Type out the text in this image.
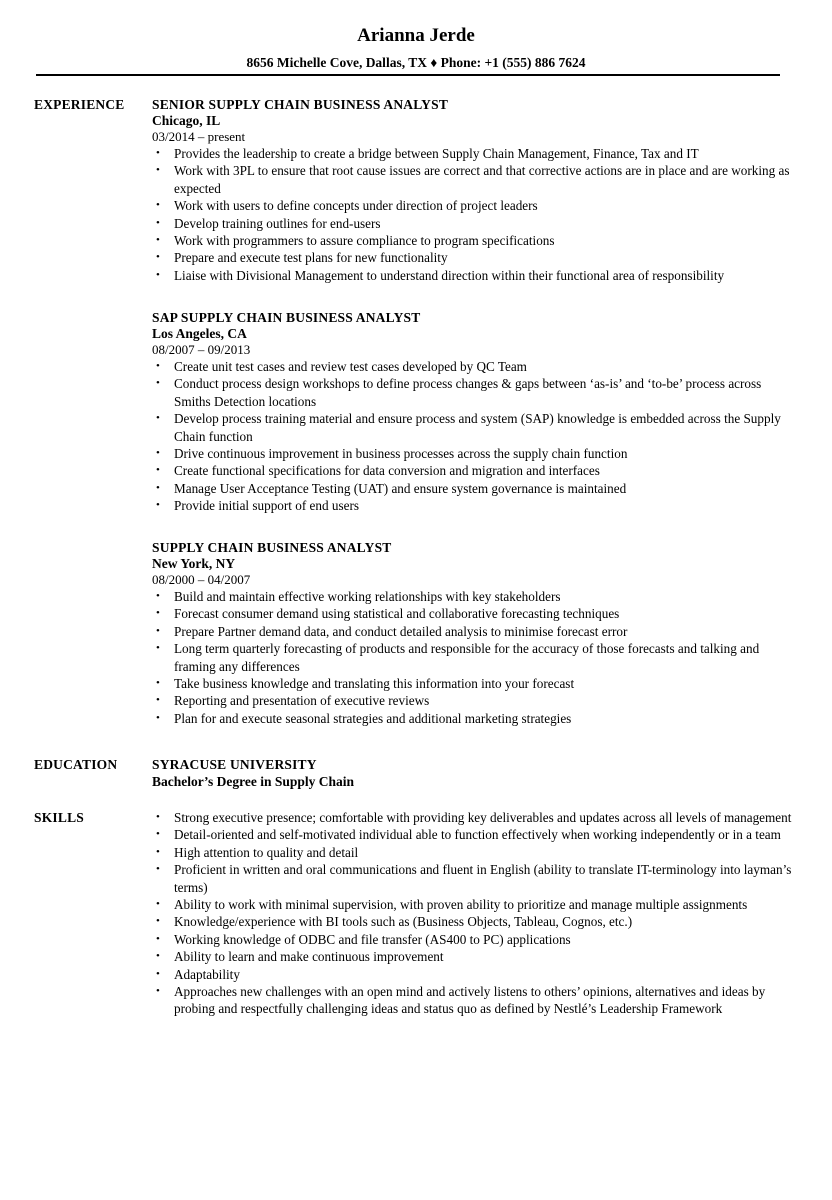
Arianna Jerde
8656 Michelle Cove, Dallas, TX ♦ Phone: +1 (555) 886 7624
EXPERIENCE SENIOR SUPPLY CHAIN BUSINESS ANALYST
Chicago, IL
03/2014 – present
• Provides the leadership to create a bridge between Supply Chain Management, Finance, Tax and IT
• Work with 3PL to ensure that root cause issues are correct and that corrective actions are in place and are working as expected
• Work with users to define concepts under direction of project leaders
• Develop training outlines for end-users
• Work with programmers to assure compliance to program specifications
• Prepare and execute test plans for new functionality
• Liaise with Divisional Management to understand direction within their functional area of responsibility
SAP SUPPLY CHAIN BUSINESS ANALYST
Los Angeles, CA
08/2007 – 09/2013
• Create unit test cases and review test cases developed by QC Team
• Conduct process design workshops to define process changes & gaps between ‘as-is’ and ‘to-be’ process across Smiths Detection locations
• Develop process training material and ensure process and system (SAP) knowledge is embedded across the Supply Chain function
• Drive continuous improvement in business processes across the supply chain function
• Create functional specifications for data conversion and migration and interfaces
• Manage User Acceptance Testing (UAT) and ensure system governance is maintained
• Provide initial support of end users
SUPPLY CHAIN BUSINESS ANALYST
New York, NY
08/2000 – 04/2007
• Build and maintain effective working relationships with key stakeholders
• Forecast consumer demand using statistical and collaborative forecasting techniques
• Prepare Partner demand data, and conduct detailed analysis to minimise forecast error
• Long term quarterly forecasting of products and responsible for the accuracy of those forecasts and talking and framing any differences
• Take business knowledge and translating this information into your forecast
• Reporting and presentation of executive reviews
• Plan for and execute seasonal strategies and additional marketing strategies
EDUCATION	SYRACUSE UNIVERSITY
Bachelor’s Degree in Supply Chain
SKILLS	• Strong executive presence; comfortable with providing key deliverables and updates across all levels of management
• Detail-oriented and self-motivated individual able to function effectively when working independently or in a team
• High attention to quality and detail
• Proficient in written and oral communications and fluent in English (ability to translate IT-terminology into layman’s terms)
• Ability to work with minimal supervision, with proven ability to prioritize and manage multiple assignments
• Knowledge/experience with BI tools such as (Business Objects, Tableau, Cognos, etc.)
• Working knowledge of ODBC and file transfer (AS400 to PC) applications
• Ability to learn and make continuous improvement
• Adaptability
• Approaches new challenges with an open mind and actively listens to others’ opinions, alternatives and ideas by probing and respectfully challenging ideas and status quo as defined by Nestlé’s Leadership Framework
